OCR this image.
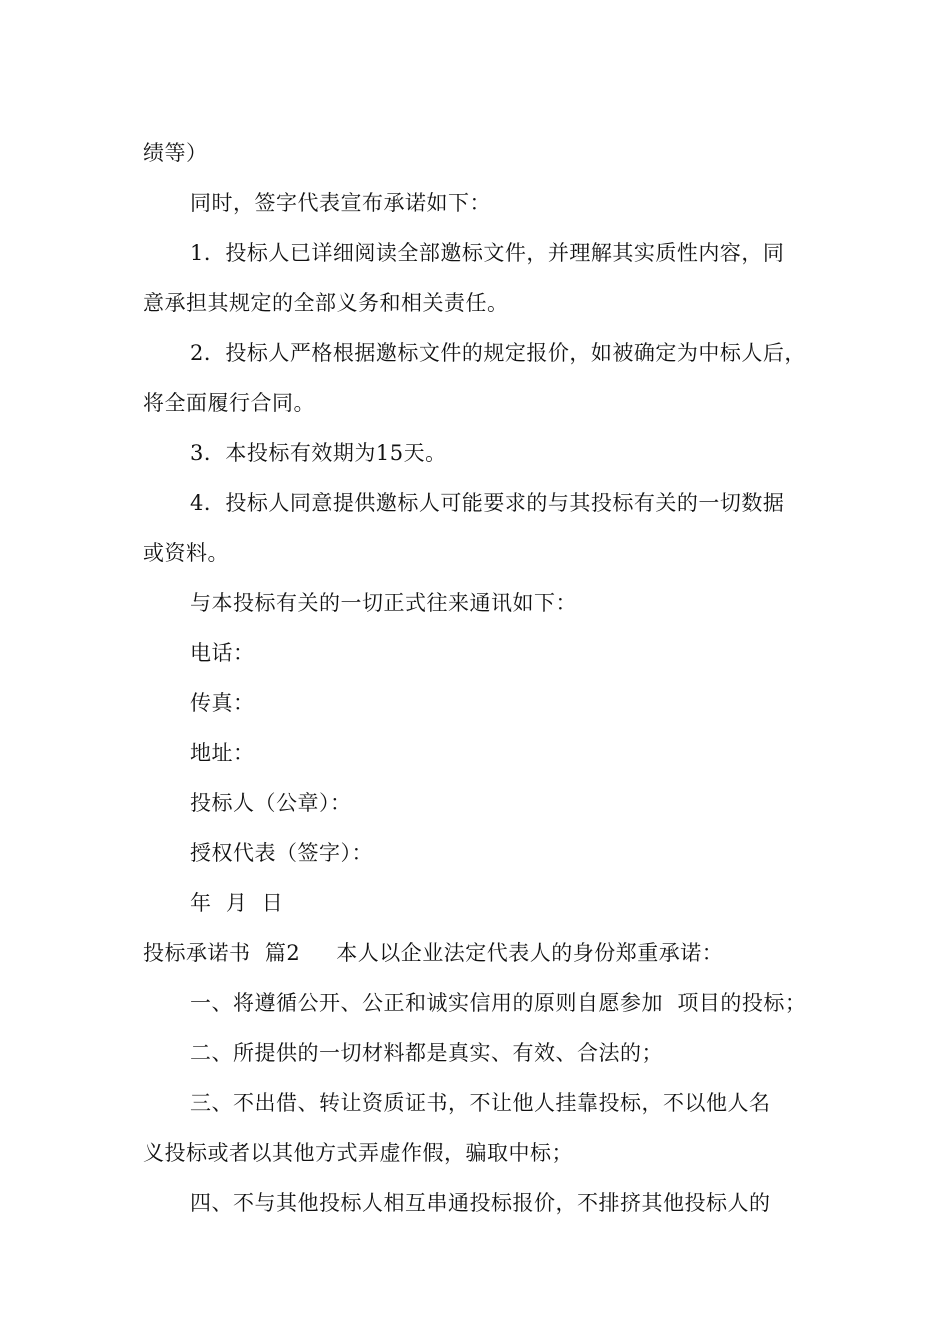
绩等）
同时，签字代表宣布承诺如下：
1．投标人已详细阅读全部邀标文件，并理解其实质性内容，同
意承担其规定的全部义务和相关责任。
2．投标人严格根据邀标文件的规定报价，如被确定为中标人后，
将全面履行合同。
3．本投标有效期为15天。
4．投标人同意提供邀标人可能要求的与其投标有关的一切数据
或资料。
与本投标有关的一切正式往来通讯如下：
电话：
传真：
地址：
投标人（公章）：
授权代表（签字）：
年  月  日
投标承诺书  篇2 本人以企业法定代表人的身份郑重承诺：
一、将遵循公开、公正和诚实信用的原则自愿参加  项目的投标；
二、所提供的一切材料都是真实、有效、合法的；
三、不出借、转让资质证书，不让他人挂靠投标，不以他人名
义投标或者以其他方式弄虚作假，骗取中标；
四、不与其他投标人相互串通投标报价，不排挤其他投标人的
